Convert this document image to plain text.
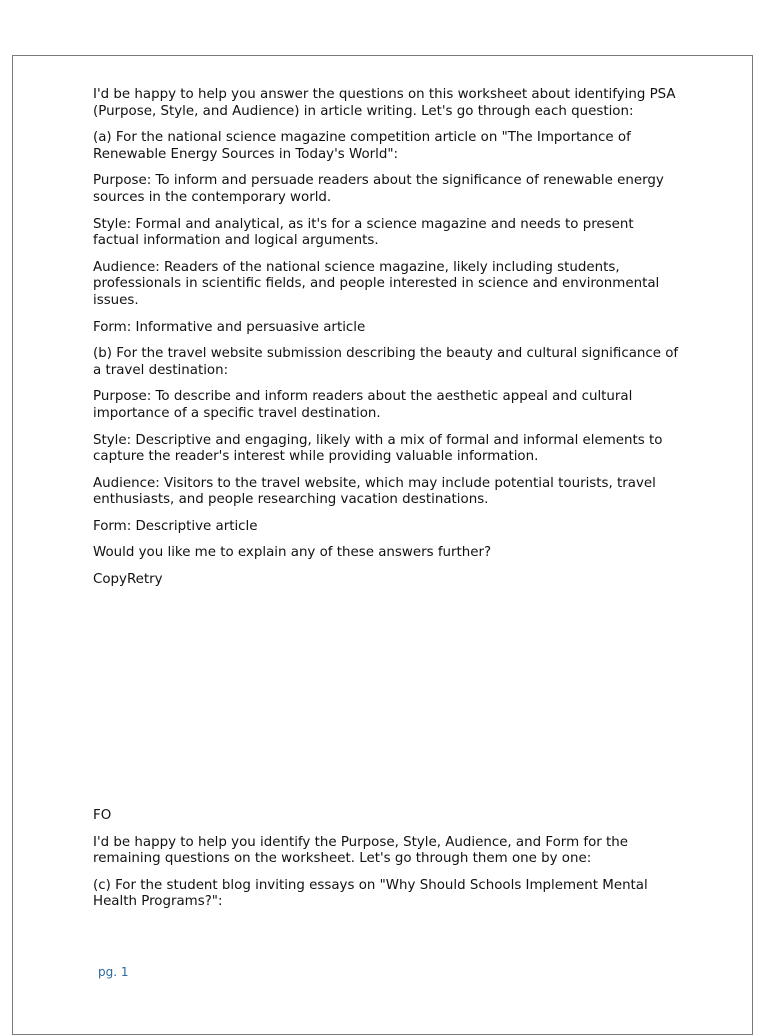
I'd be happy to help you answer the questions on this worksheet about identifying PSA (Purpose, Style, and Audience) in article writing. Let's go through each question:

(a) For the national science magazine competition article on "The Importance of Renewable Energy Sources in Today's World":

Purpose: To inform and persuade readers about the significance of renewable energy sources in the contemporary world.

Style: Formal and analytical, as it's for a science magazine and needs to present factual information and logical arguments.

Audience: Readers of the national science magazine, likely including students, professionals in scientific fields, and people interested in science and environmental issues.

Form: Informative and persuasive article

(b) For the travel website submission describing the beauty and cultural significance of a travel destination:

Purpose: To describe and inform readers about the aesthetic appeal and cultural importance of a specific travel destination.

Style: Descriptive and engaging, likely with a mix of formal and informal elements to capture the reader's interest while providing valuable information.

Audience: Visitors to the travel website, which may include potential tourists, travel enthusiasts, and people researching vacation destinations.

Form: Descriptive article

Would you like me to explain any of these answers further?

CopyRetry

FO

I'd be happy to help you identify the Purpose, Style, Audience, and Form for the remaining questions on the worksheet. Let's go through them one by one:

(c) For the student blog inviting essays on "Why Should Schools Implement Mental Health Programs?":

pg. 1
